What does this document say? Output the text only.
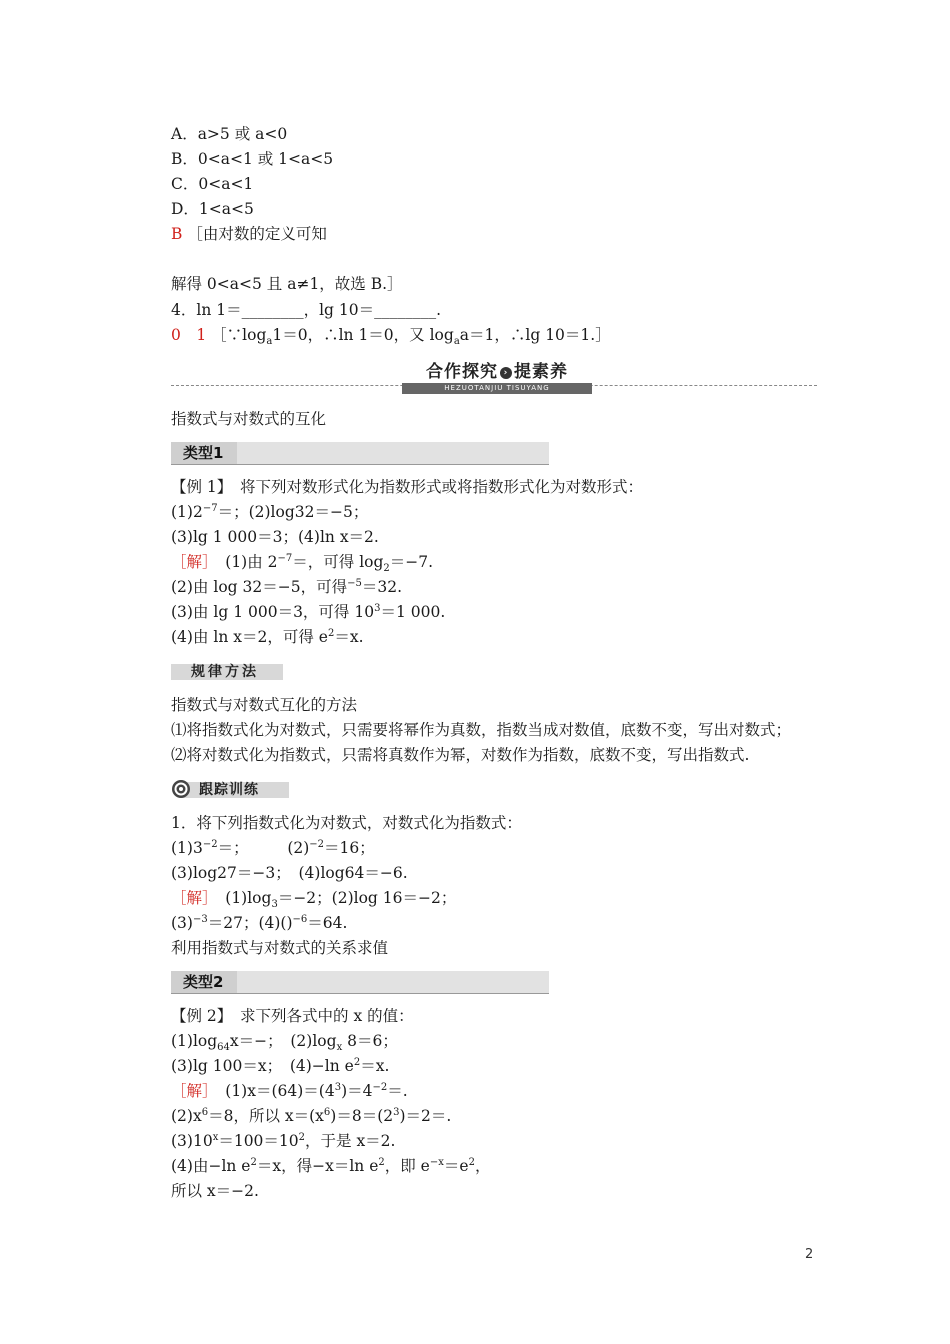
A．a>5 或 a<0
B．0<a<1 或 1<a<5
C．0<a<1
D．1<a<5
B ［由对数的定义可知
解得 0<a<5 且 a≠1，故选 B.］
4．ln 1＝________，lg 10＝________.
0　1 $[\because\log_a1=0$，∴ln 1＝0，又 $\log_aa=1$，∴lg 10＝1.］
合作探究 › 提素养
HEZUOTANJIU TISUYANG
指数式与对数式的互化
类型1
【例 1】　将下列对数形式化为指数形式或将指数形式化为对数形式：
$(1)2^{-7}=$；(2)log32＝−5；
(3)lg 1 000＝3；(4)ln x＝2.
［解］　(1)由 $2^{-7}=$，可得 $\log_2=-7$.
(2)由 log 32＝−5，可得$^{-5}$＝32.
(3)由 lg 1 000＝3，可得 $10^3=1$ 000.
(4)由 ln x＝2，可得 $e^2=x$.
规律方法
指数式与对数式互化的方法
⑴将指数式化为对数式，只需要将幂作为真数，指数当成对数值，底数不变，写出对数式；
⑵将对数式化为指数式，只需将真数作为幂，对数作为指数，底数不变，写出指数式.
跟踪训练
1．将下列指数式化为对数式，对数式化为指数式：
$(1)3^{-2}=$；　　　$(2)^{-2}=16$；
(3)log27＝−3；　(4)log64＝−6.
［解］　$(1)\log_3=-2$；(2)log 16＝−2；
$(3)^{-3}=27$；(4)()$^{-6}$＝64.
利用指数式与对数式的关系求值
类型2
【例 2】　求下列各式中的 x 的值：
$(1)\log_{64}x=-$；　$(2)\log_x$ 8＝6；
(3)lg 100＝x；　(4)−ln $e^2=x$.
［解］　$(1)x=(64)=(4^3)=4^{-2}=$.
$(2)x^6=8$，所以 $x=(x^6)=8=(2^3)=2=$.
$(3)10^x=100=10^2$，于是 x＝2.
(4)由−ln $e^2=x$，得−x＝ln $e^2$，即 $e^{-x}=e^2$，
所以 x＝−2.
2
